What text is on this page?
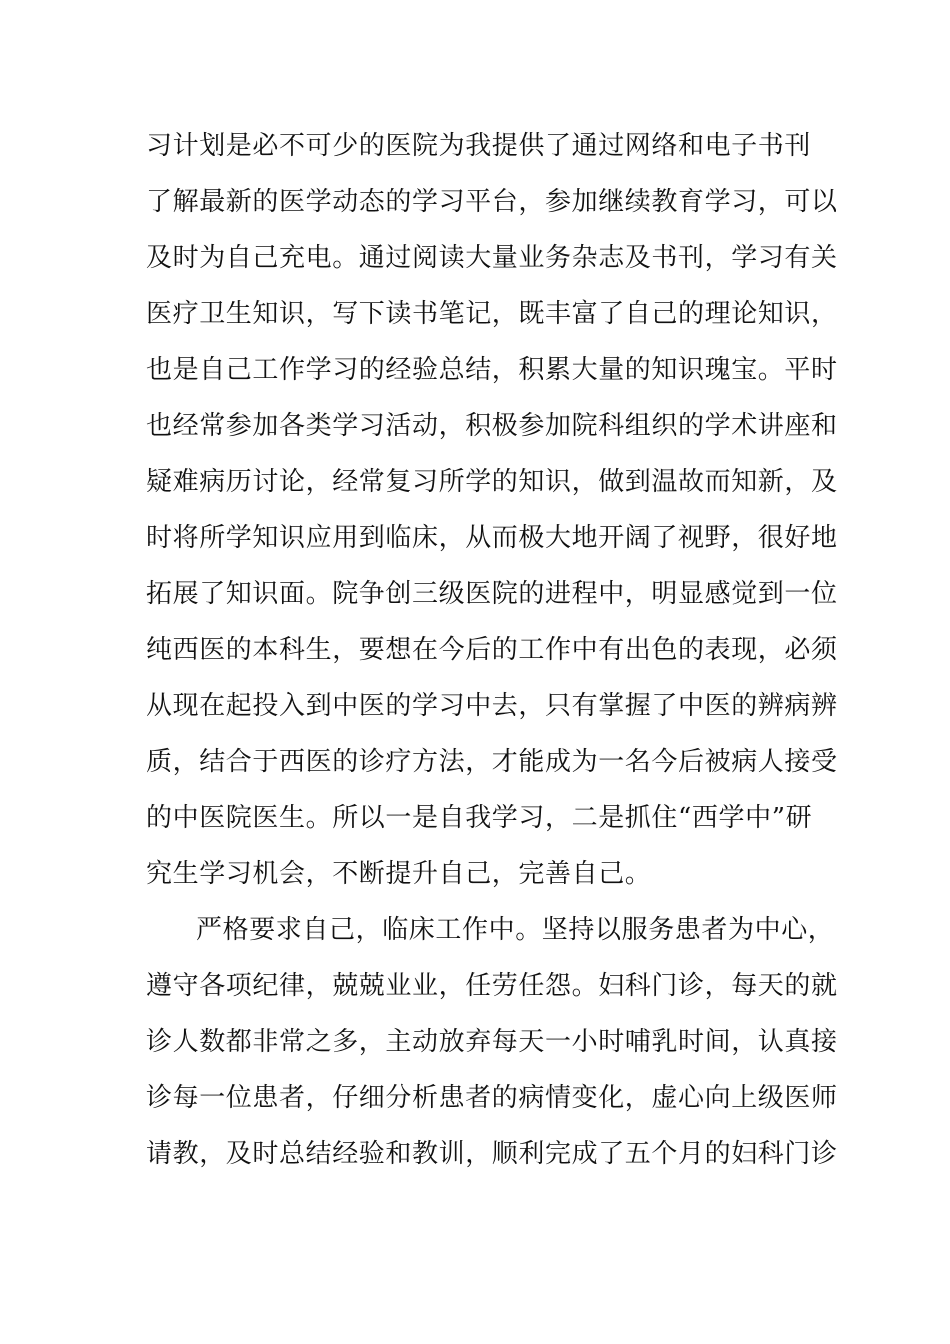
习计划是必不可少的医院为我提供了通过网络和电子书刊
了解最新的医学动态的学习平台，参加继续教育学习，可以
及时为自己充电。通过阅读大量业务杂志及书刊，学习有关
医疗卫生知识，写下读书笔记，既丰富了自己的理论知识，
也是自己工作学习的经验总结，积累大量的知识瑰宝。平时
也经常参加各类学习活动，积极参加院科组织的学术讲座和
疑难病历讨论，经常复习所学的知识，做到温故而知新，及
时将所学知识应用到临床，从而极大地开阔了视野，很好地
拓展了知识面。院争创三级医院的进程中，明显感觉到一位
纯西医的本科生，要想在今后的工作中有出色的表现，必须
从现在起投入到中医的学习中去，只有掌握了中医的辨病辨
质，结合于西医的诊疗方法，才能成为一名今后被病人接受
的中医院医生。所以一是自我学习，二是抓住“西学中”研
究生学习机会，不断提升自己，完善自己。
严格要求自己，临床工作中。坚持以服务患者为中心，
遵守各项纪律，兢兢业业，任劳任怨。妇科门诊，每天的就
诊人数都非常之多，主动放弃每天一小时哺乳时间，认真接
诊每一位患者，仔细分析患者的病情变化，虚心向上级医师
请教，及时总结经验和教训，顺利完成了五个月的妇科门诊
